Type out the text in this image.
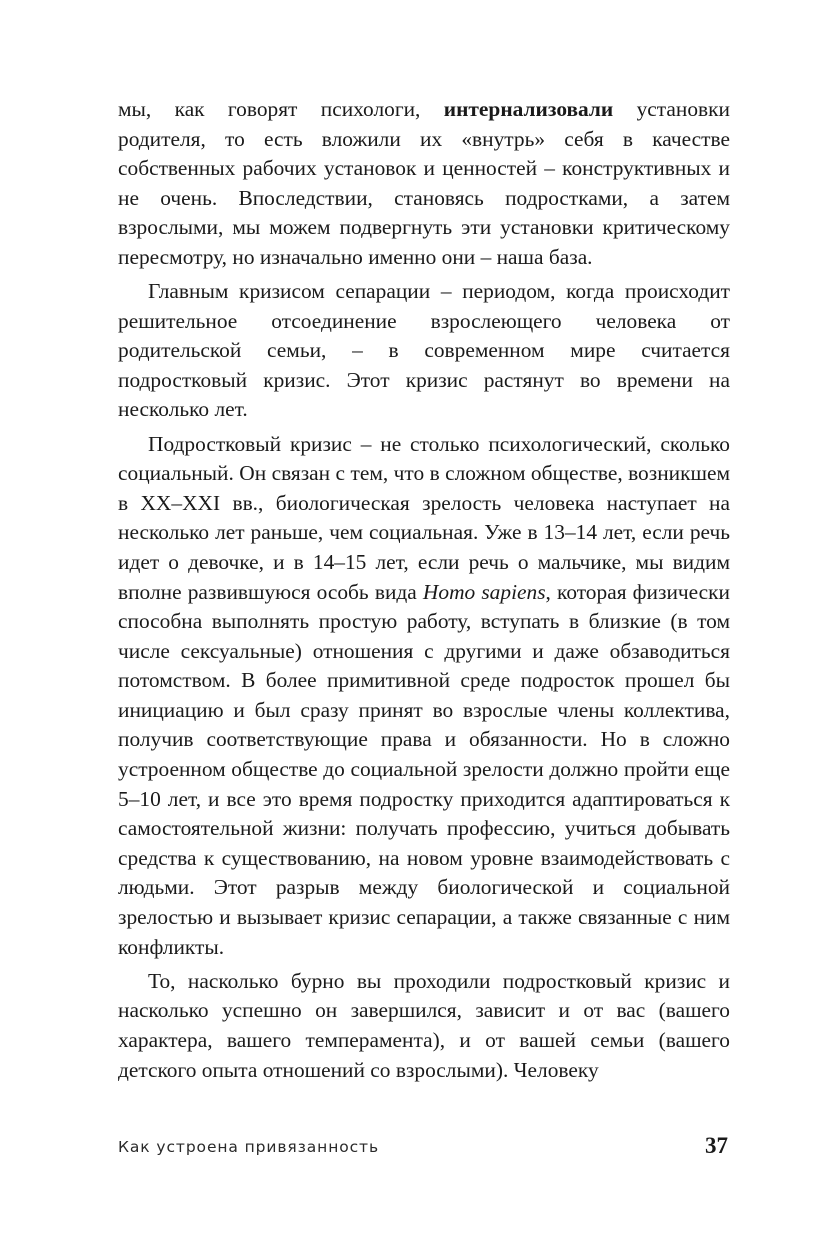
мы, как говорят психологи, интернализовали установки родителя, то есть вложили их «внутрь» себя в качестве собственных рабочих установок и ценностей – конструктивных и не очень. Впоследствии, становясь подростками, а затем взрослыми, мы можем подвергнуть эти установки критическому пересмотру, но изначально именно они – наша база.

Главным кризисом сепарации – периодом, когда происходит решительное отсоединение взрослеющего человека от родительской семьи, – в современном мире считается подростковый кризис. Этот кризис растянут во времени на несколько лет.

Подростковый кризис – не столько психологический, сколько социальный. Он связан с тем, что в сложном обществе, возникшем в XX–XXI вв., биологическая зрелость человека наступает на несколько лет раньше, чем социальная. Уже в 13–14 лет, если речь идет о девочке, и в 14–15 лет, если речь о мальчике, мы видим вполне развившуюся особь вида Homo sapiens, которая физически способна выполнять простую работу, вступать в близкие (в том числе сексуальные) отношения с другими и даже обзаводиться потомством. В более примитивной среде подросток прошел бы инициацию и был сразу принят во взрослые члены коллектива, получив соответствующие права и обязанности. Но в сложно устроенном обществе до социальной зрелости должно пройти еще 5–10 лет, и все это время подростку приходится адаптироваться к самостоятельной жизни: получать профессию, учиться добывать средства к существованию, на новом уровне взаимодействовать с людьми. Этот разрыв между биологической и социальной зрелостью и вызывает кризис сепарации, а также связанные с ним конфликты.

То, насколько бурно вы проходили подростковый кризис и насколько успешно он завершился, зависит и от вас (вашего характера, вашего темперамента), и от вашей семьи (вашего детского опыта отношений со взрослыми). Человеку

Как устроена привязанность	37
